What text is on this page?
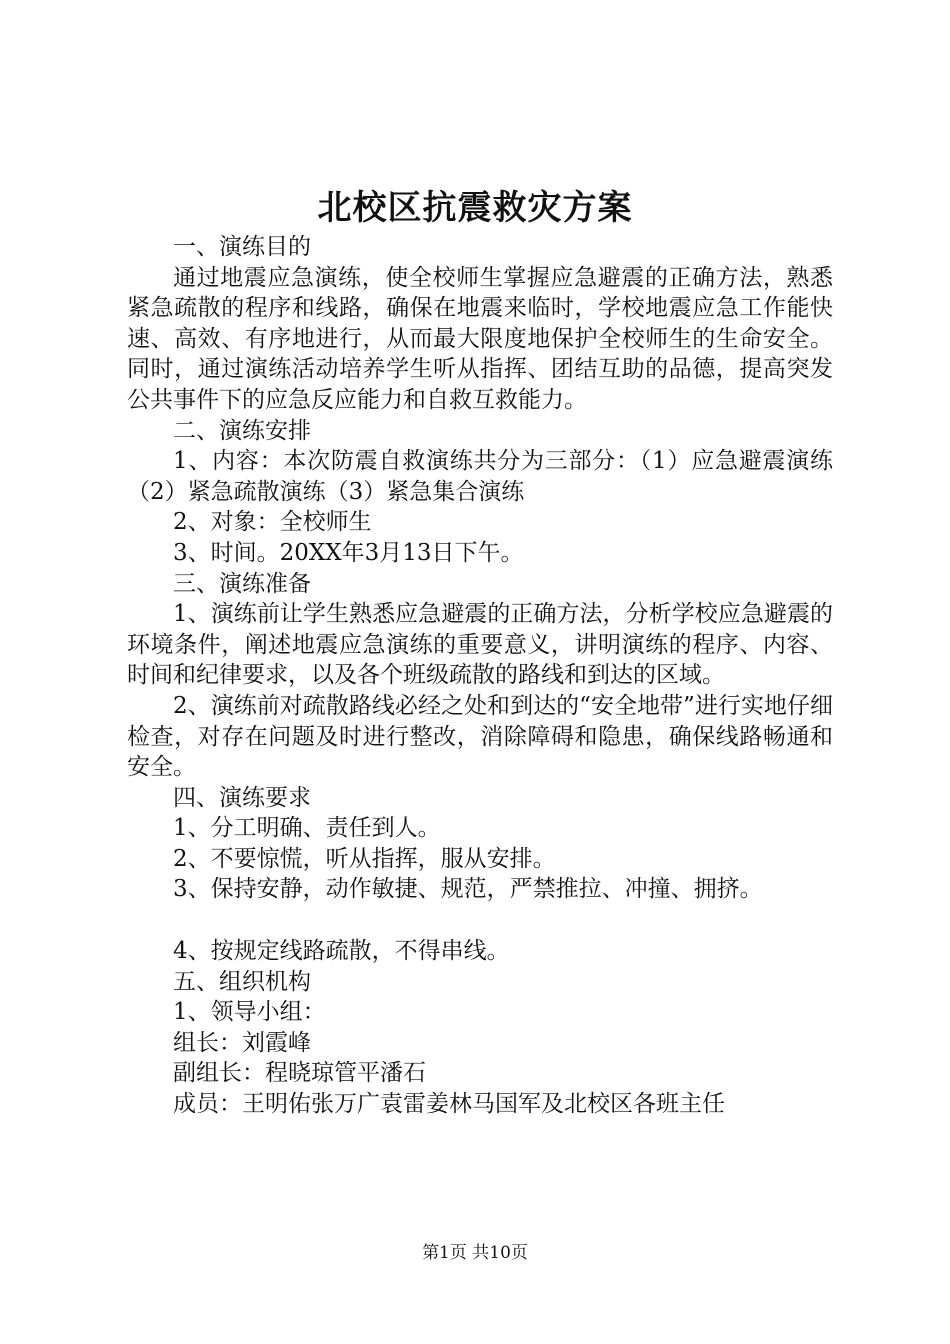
北校区抗震救灾方案

一、演练目的

通过地震应急演练，使全校师生掌握应急避震的正确方法，熟悉紧急疏散的程序和线路，确保在地震来临时，学校地震应急工作能快速、高效、有序地进行，从而最大限度地保护全校师生的生命安全。同时，通过演练活动培养学生听从指挥、团结互助的品德，提高突发公共事件下的应急反应能力和自救互救能力。

二、演练安排

1、内容：本次防震自救演练共分为三部分：（1）应急避震演练（2）紧急疏散演练（3）紧急集合演练

2、对象：全校师生

3、时间。20XX年3月13日下午。

三、演练准备

1、演练前让学生熟悉应急避震的正确方法，分析学校应急避震的环境条件，阐述地震应急演练的重要意义，讲明演练的程序、内容、时间和纪律要求，以及各个班级疏散的路线和到达的区域。

2、演练前对疏散路线必经之处和到达的“安全地带”进行实地仔细检查，对存在问题及时进行整改，消除障碍和隐患，确保线路畅通和安全。

四、演练要求

1、分工明确、责任到人。

2、不要惊慌，听从指挥，服从安排。

3、保持安静，动作敏捷、规范，严禁推拉、冲撞、拥挤。

4、按规定线路疏散，不得串线。

五、组织机构

1、领导小组：

组长：刘霞峰

副组长：程晓琼管平潘石

成员：王明佑张万广袁雷姜林马国军及北校区各班主任

第1页 共10页
